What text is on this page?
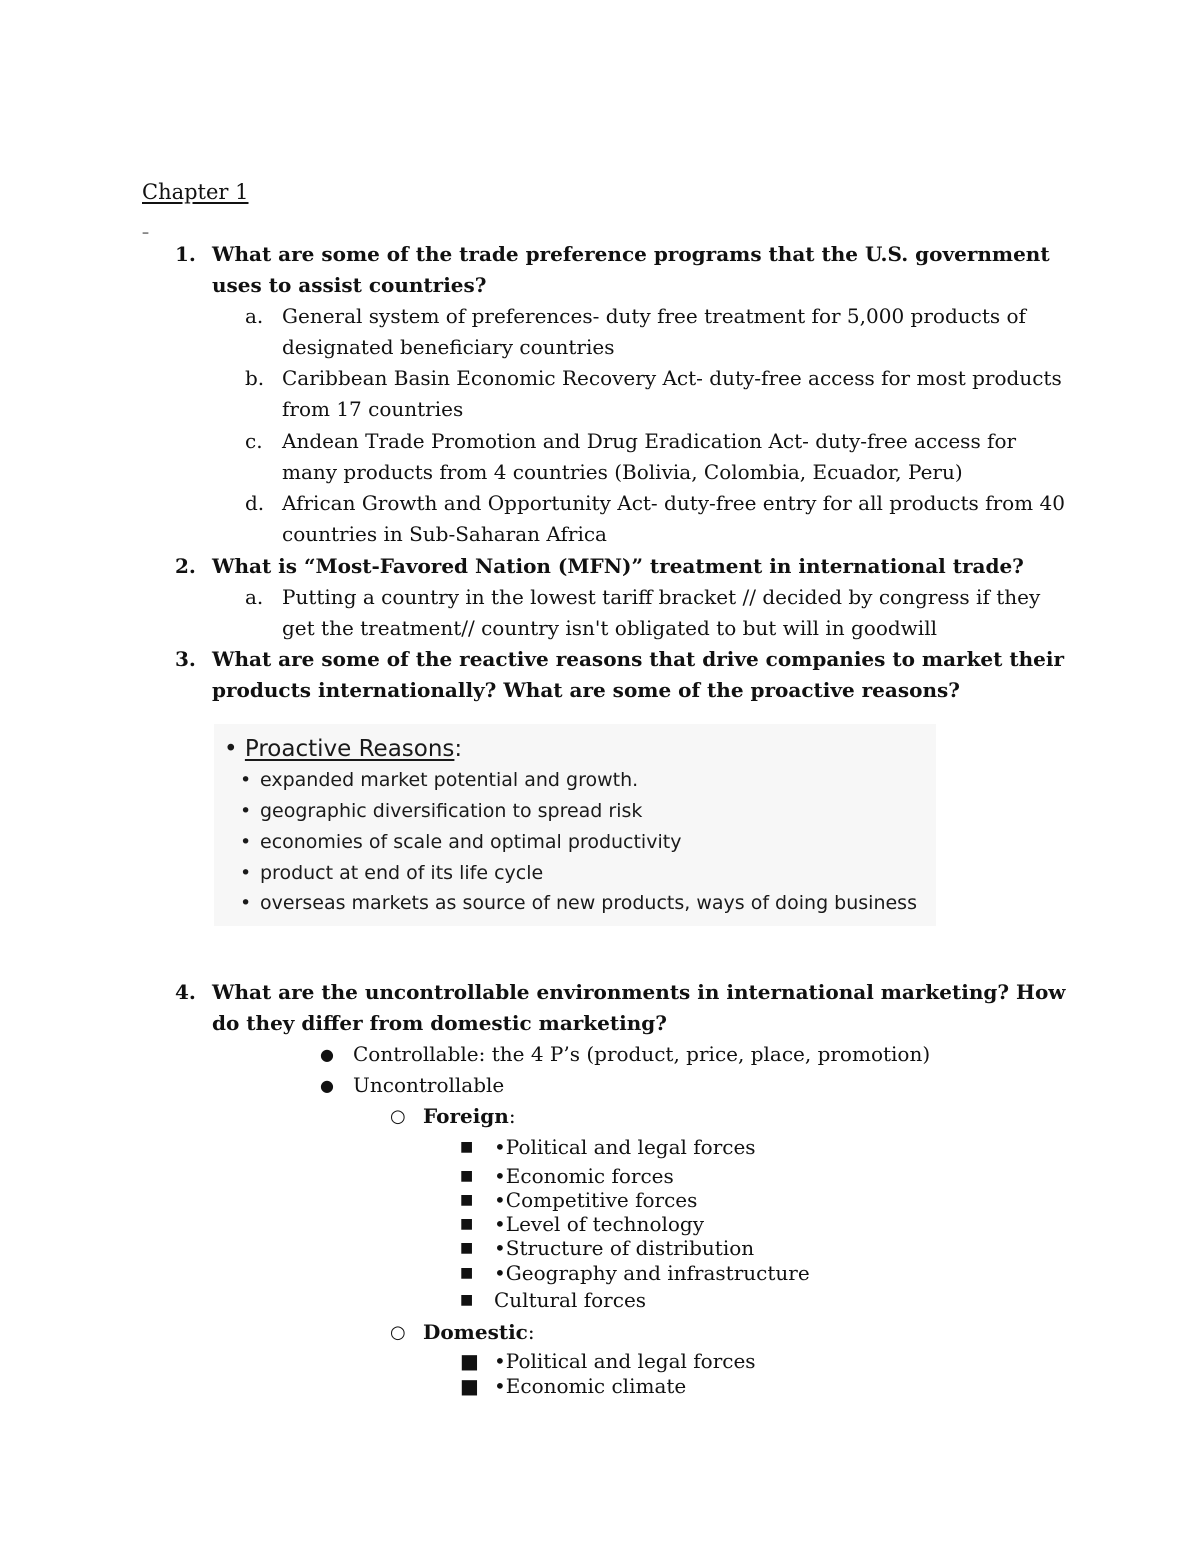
Chapter 1
–
1. What are some of the trade preference programs that the U.S. government uses to assist countries?
a. General system of preferences- duty free treatment for 5,000 products of designated beneficiary countries
b. Caribbean Basin Economic Recovery Act- duty-free access for most products from 17 countries
c. Andean Trade Promotion and Drug Eradication Act- duty-free access for many products from 4 countries (Bolivia, Colombia, Ecuador, Peru)
d. African Growth and Opportunity Act- duty-free entry for all products from 40 countries in Sub-Saharan Africa
2. What is “Most-Favored Nation (MFN)” treatment in international trade?
a. Putting a country in the lowest tariff bracket // decided by congress if they get the treatment// country isn't obligated to but will in goodwill
3. What are some of the reactive reasons that drive companies to market their products internationally? What are some of the proactive reasons?
• Proactive Reasons:
• expanded market potential and growth.
• geographic diversification to spread risk
• economies of scale and optimal productivity
• product at end of its life cycle
• overseas markets as source of new products, ways of doing business
4. What are the uncontrollable environments in international marketing? How do they differ from domestic marketing?
● Controllable: the 4 P’s (product, price, place, promotion)
● Uncontrollable
○ Foreign:
■ •Political and legal forces
■ •Economic forces
■ •Competitive forces
■ •Level of technology
■ •Structure of distribution
■ •Geography and infrastructure
■ Cultural forces
○ Domestic:
■ •Political and legal forces
■ •Economic climate
